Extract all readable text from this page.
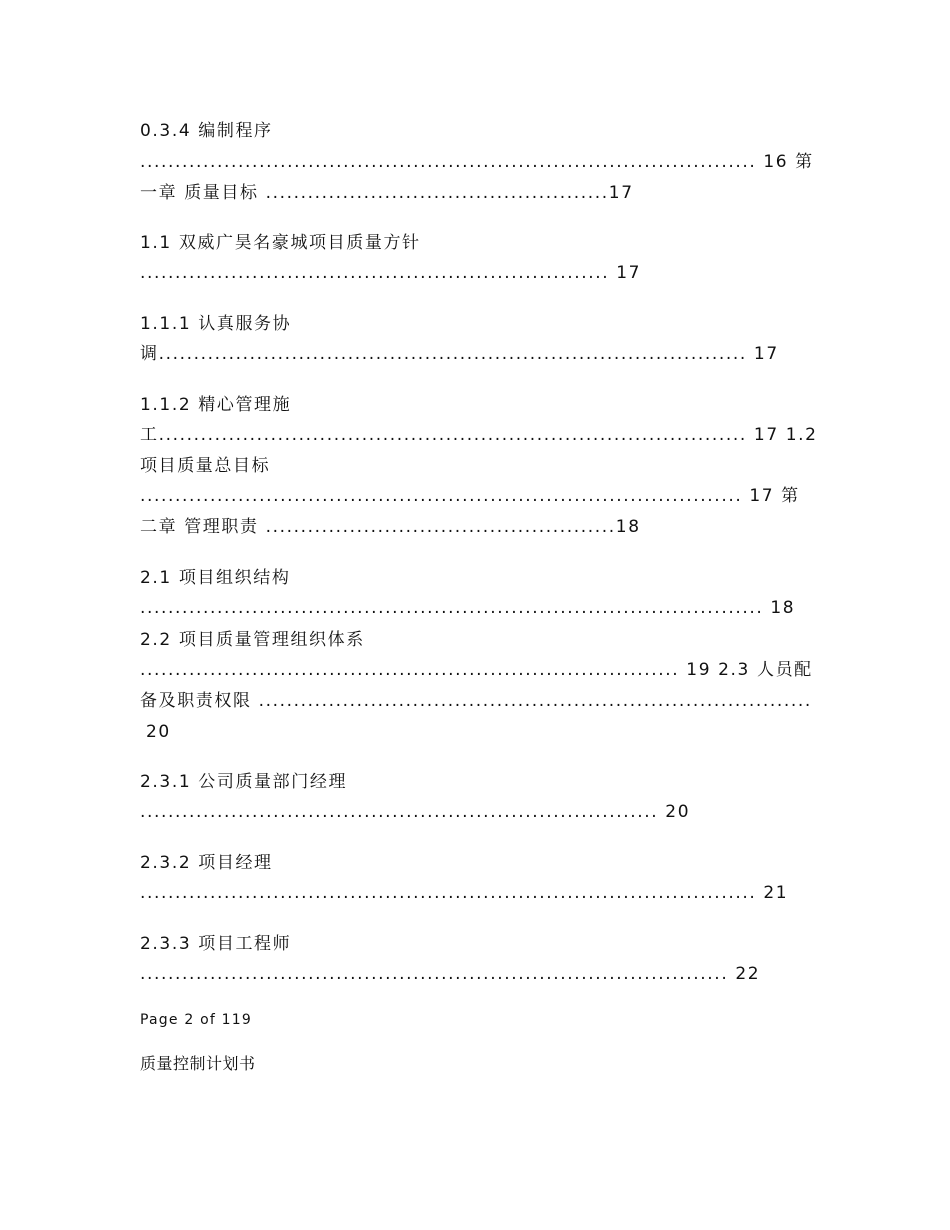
0.3.4 编制程序
........................................................................................ 16 第
一章 质量目标 .................................................17
1.1 双威广昊名豪城项目质量方针
................................................................... 17
1.1.1 认真服务协
调.................................................................................... 17
1.1.2 精心管理施
工.................................................................................... 17 1.2
项目质量总目标
...................................................................................... 17 第
二章 管理职责 ..................................................18
2.1 项目组织结构
......................................................................................... 18
2.2 项目质量管理组织体系
............................................................................. 19 2.3 人员配
备及职责权限 ...............................................................................
20
2.3.1 公司质量部门经理
.......................................................................... 20
2.3.2 项目经理
........................................................................................ 21
2.3.3 项目工程师
.................................................................................... 22
Page 2 of 119
质量控制计划书
